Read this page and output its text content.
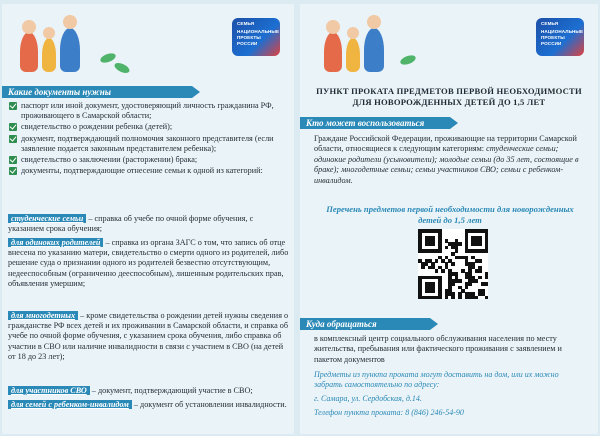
СЕМЬЯ
НАЦИОНАЛЬНЫЕ
ПРОЕКТЫ
РОССИИ
Какие документы нужны
паспорт или иной документ, удостоверяющий личность гражданина РФ, проживающего в Самарской области;
свидетельство о рождении ребенка (детей);
документ, подтверждающий полномочия законного представителя (если заявление подается законным представителем ребенка);
свидетельство о заключении (расторжении) брака;
документы, подтверждающие отнесение семьи к одной из категорий:
студенческие семьи – справка об учебе по очной форме обучения, с указанием срока обучения;
для одиноких родителей – справка из органа ЗАГС о том, что запись об отце внесена по указанию матери, свидетельство о смерти одного из родителей, либо решение суда о признании одного из родителей безвестно отсутствующим, недееспособным (ограниченно дееспособным), лишенным родительских прав, объявления умершим;
для многодетных – кроме свидетельства о рождении детей нужны сведения о гражданстве РФ всех детей и их проживании в Самарской области, и справка об учебе по очной форме обучения, с указанием срока обучения, либо справка об участии в СВО или наличие инвалидности в связи с участием в СВО (на детей от 18 до 23 лет);
для участников СВО – документ, подтверждающий участие в СВО;
для семей с ребенком-инвалидом – документ об установлении инвалидности.
СЕМЬЯ
НАЦИОНАЛЬНЫЕ
ПРОЕКТЫ
РОССИИ
ПУНКТ ПРОКАТА ПРЕДМЕТОВ ПЕРВОЙ НЕОБХОДИМОСТИ ДЛЯ НОВОРОЖДЕННЫХ ДЕТЕЙ ДО 1,5 ЛЕТ
Кто может воспользоваться
Граждане Российской Федерации, проживающие на территории Самарской области, относящиеся к следующим категориям: студенческие семьи; одинокие родители (усыновители); молодые семьи (до 35 лет, состоящие в браке); многодетные семьи; семьи участников СВО; семьи с ребенком-инвалидом.
Перечень предметов первой необходимости для новорожденных детей до 1,5 лет
Куда обращаться
в комплексный центр социального обслуживания населения по месту жительства, пребывания или фактического проживания с заявлением и пакетом документов
Предметы из пункта проката могут доставить на дом, или их можно забрать самостоятельно по адресу:
г. Самара, ул. Сердобская, д.14.
Телефон пункта проката: 8 (846) 246-54-90
